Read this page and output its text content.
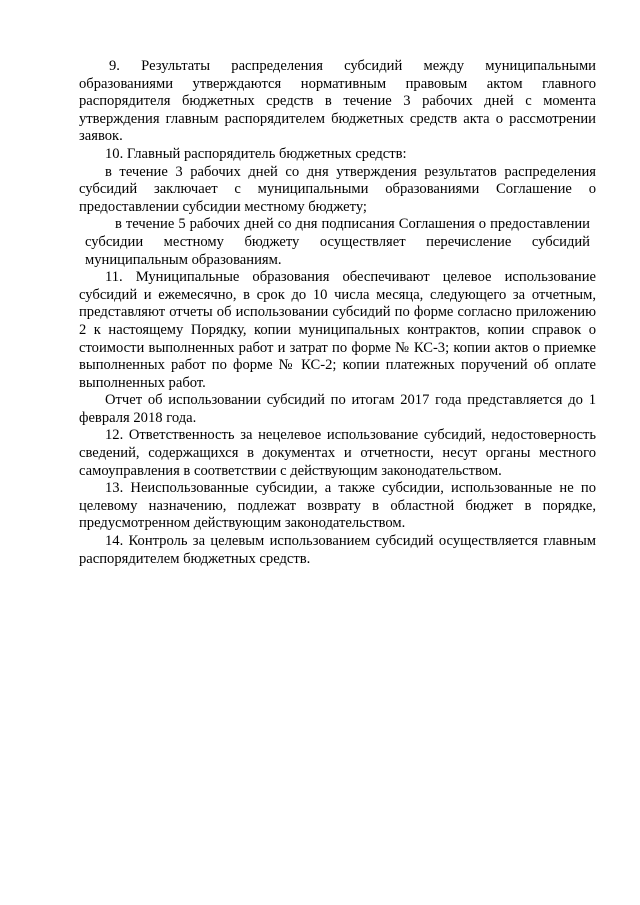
9. Результаты распределения субсидий между муниципальными образованиями утверждаются нормативным правовым актом главного распорядителя бюджетных средств в течение 3 рабочих дней с момента утверждения главным распорядителем бюджетных средств акта о рассмотрении заявок.

10. Главный распорядитель бюджетных средств:

в течение 3 рабочих дней со дня утверждения результатов распределения субсидий заключает с муниципальными образованиями Соглашение о предоставлении субсидии местному бюджету;

в течение 5 рабочих дней со дня подписания Соглашения о предоставлении субсидии местному бюджету осуществляет перечисление субсидий муниципальным образованиям.

11. Муниципальные образования обеспечивают целевое использование субсидий и ежемесячно, в срок до 10 числа месяца, следующего за отчетным, представляют отчеты об использовании субсидий по форме согласно приложению 2 к настоящему Порядку, копии муниципальных контрактов, копии справок о стоимости выполненных работ и затрат по форме № КС-3; копии актов о приемке выполненных работ по форме № КС-2; копии платежных поручений об оплате выполненных работ.

Отчет об использовании субсидий по итогам 2017 года представляется до 1 февраля 2018 года.

12. Ответственность за нецелевое использование субсидий, недостоверность сведений, содержащихся в документах и отчетности, несут органы местного самоуправления в соответствии с действующим законодательством.

13. Неиспользованные субсидии, а также субсидии, использованные не по целевому назначению, подлежат возврату в областной бюджет в порядке, предусмотренном действующим законодательством.

14. Контроль за целевым использованием субсидий осуществляется главным распорядителем бюджетных средств.
